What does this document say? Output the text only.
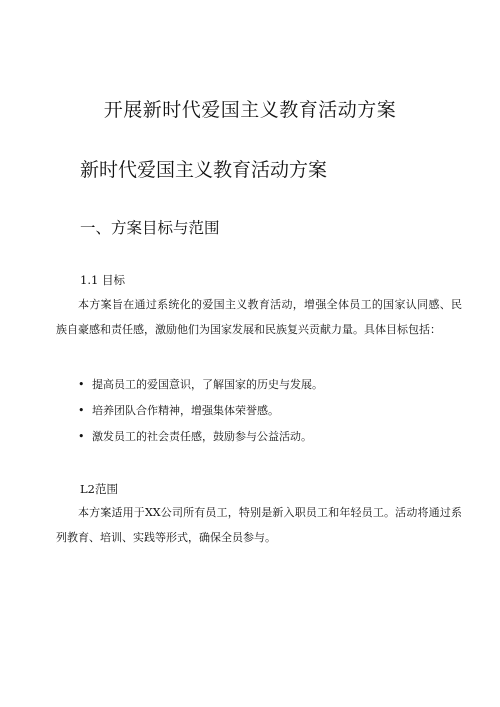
开展新时代爱国主义教育活动方案
新时代爱国主义教育活动方案
一、方案目标与范围
1.1 目标
本方案旨在通过系统化的爱国主义教育活动，增强全体员工的国家认同感、民族自豪感和责任感，激励他们为国家发展和民族复兴贡献力量。具体目标包括：
• 提高员工的爱国意识，了解国家的历史与发展。
• 培养团队合作精神，增强集体荣誉感。
• 激发员工的社会责任感，鼓励参与公益活动。
L2范围
本方案适用于XX公司所有员工，特别是新入职员工和年轻员工。活动将通过系列教育、培训、实践等形式，确保全员参与。
